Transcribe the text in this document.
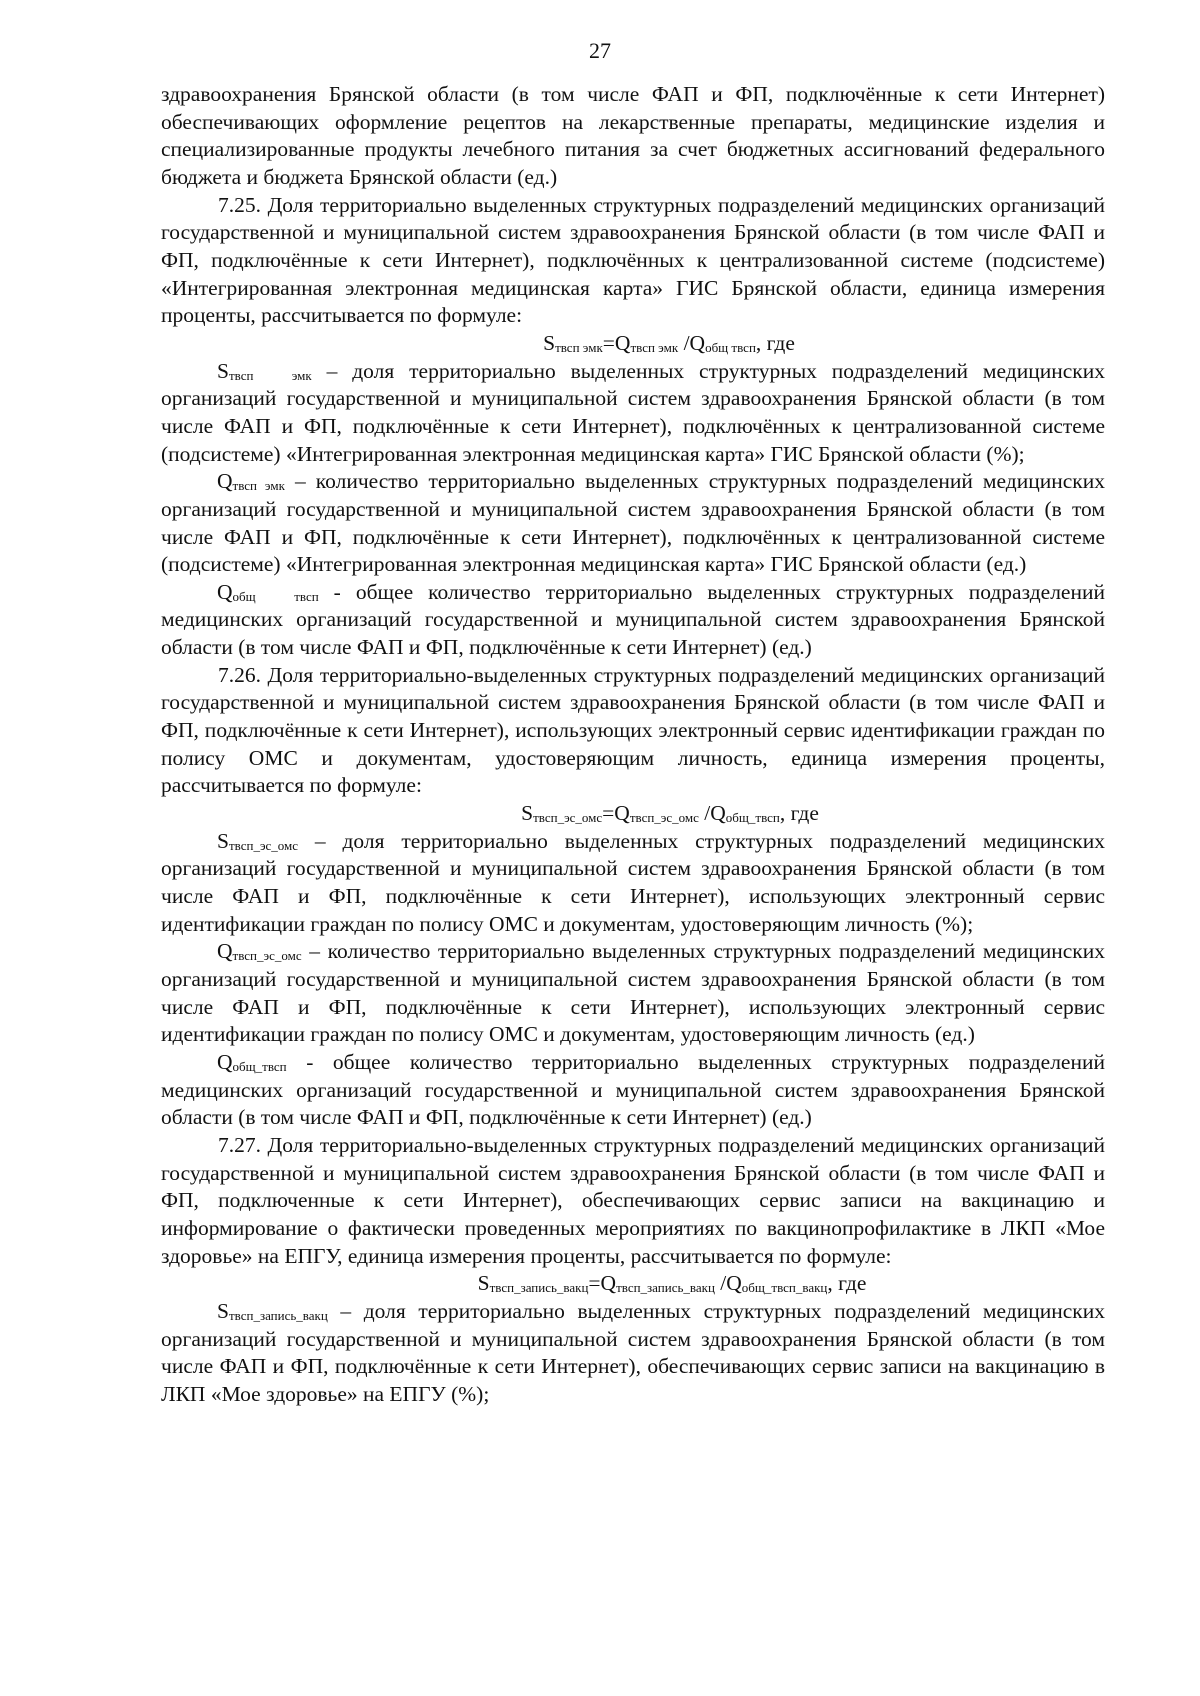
27

здравоохранения Брянской области (в том числе ФАП и ФП, подключённые к сети Интернет) обеспечивающих оформление рецептов на лекарственные препараты, медицинские изделия и специализированные продукты лечебного питания за счет бюджетных ассигнований федерального бюджета и бюджета Брянской области (ед.)

7.25. Доля территориально выделенных структурных подразделений медицинских организаций государственной и муниципальной систем здравоохранения Брянской области (в том числе ФАП и ФП, подключённые к сети Интернет), подключённых к централизованной системе (подсистеме) «Интегрированная электронная медицинская карта» ГИС Брянской области, единица измерения проценты, рассчитывается по формуле:

$S_{твсп эмк}=Q_{твсп эмк}$ $/Q_{общ твсп}$, где

$S_{твсп эмк}$ – доля территориально выделенных структурных подразделений медицинских организаций государственной и муниципальной систем здравоохранения Брянской области (в том числе ФАП и ФП, подключённые к сети Интернет), подключённых к централизованной системе (подсистеме) «Интегрированная электронная медицинская карта» ГИС Брянской области (%);

$Q_{твсп эмк}$ – количество территориально выделенных структурных подразделений медицинских организаций государственной и муниципальной систем здравоохранения Брянской области (в том числе ФАП и ФП, подключённые к сети Интернет), подключённых к централизованной системе (подсистеме) «Интегрированная электронная медицинская карта» ГИС Брянской области (ед.)

$Q_{общ твсп}$ - общее количество территориально выделенных структурных подразделений медицинских организаций государственной и муниципальной систем здравоохранения Брянской области (в том числе ФАП и ФП, подключённые к сети Интернет) (ед.)

7.26. Доля территориально-выделенных структурных подразделений медицинских организаций государственной и муниципальной систем здравоохранения Брянской области (в том числе ФАП и ФП, подключённые к сети Интернет), использующих электронный сервис идентификации граждан по полису ОМС и документам, удостоверяющим личность, единица измерения проценты, рассчитывается по формуле:

$S_{твсп\_эс\_омс}=Q_{твсп\_эс\_омс}$ $/Q_{общ\_твсп}$, где

$S_{твсп\_эс\_омс}$ – доля территориально выделенных структурных подразделений медицинских организаций государственной и муниципальной систем здравоохранения Брянской области (в том числе ФАП и ФП, подключённые к сети Интернет), использующих электронный сервис идентификации граждан по полису ОМС и документам, удостоверяющим личность (%);

$Q_{твсп\_эс\_омс}$ – количество территориально выделенных структурных подразделений медицинских организаций государственной и муниципальной систем здравоохранения Брянской области (в том числе ФАП и ФП, подключённые к сети Интернет), использующих электронный сервис идентификации граждан по полису ОМС и документам, удостоверяющим личность (ед.)

$Q_{общ\_твсп}$ - общее количество территориально выделенных структурных подразделений медицинских организаций государственной и муниципальной систем здравоохранения Брянской области (в том числе ФАП и ФП, подключённые к сети Интернет) (ед.)

7.27. Доля территориально-выделенных структурных подразделений медицинских организаций государственной и муниципальной систем здравоохранения Брянской области (в том числе ФАП и ФП, подключенные к сети Интернет), обеспечивающих сервис записи на вакцинацию и информирование о фактически проведенных мероприятиях по вакцинопрофилактике в ЛКП «Мое здоровье» на ЕПГУ, единица измерения проценты, рассчитывается по формуле:

$S_{твсп\_запись\_вакц}=Q_{твсп\_запись\_вакц}$ $/Q_{общ\_твсп\_вакц}$, где

$S_{твсп\_запись\_вакц}$ – доля территориально выделенных структурных подразделений медицинских организаций государственной и муниципальной систем здравоохранения Брянской области (в том числе ФАП и ФП, подключённые к сети Интернет), обеспечивающих сервис записи на вакцинацию в ЛКП «Мое здоровье» на ЕПГУ (%);
